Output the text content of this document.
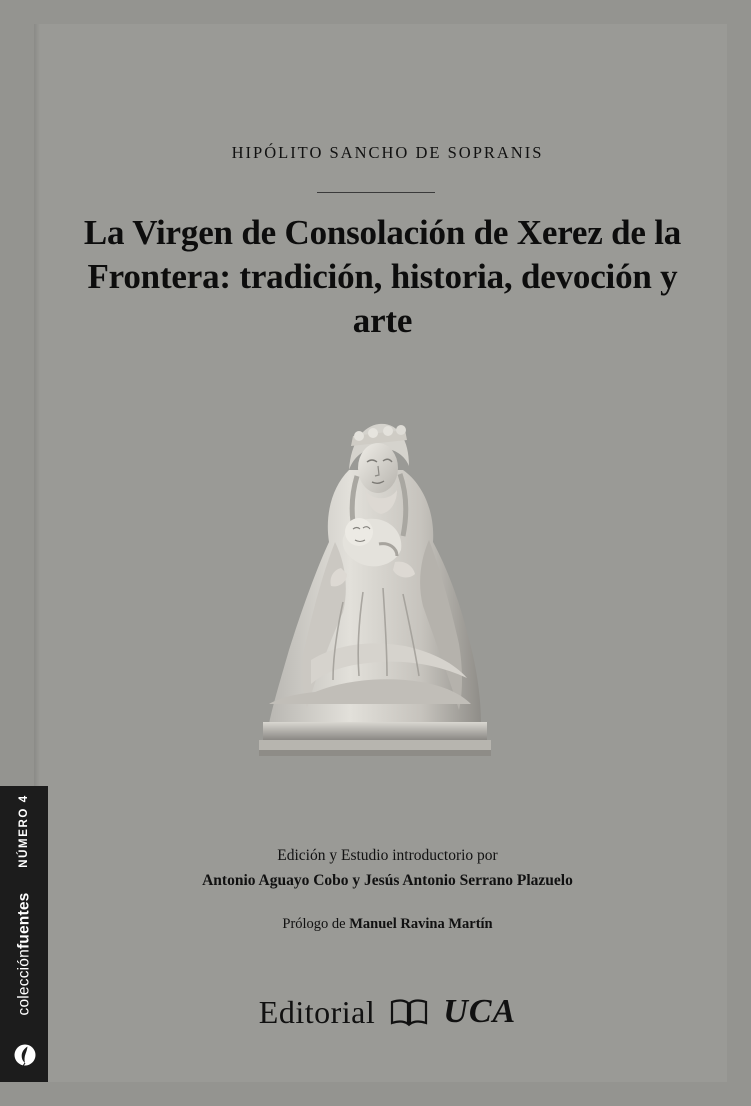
NÚMERO 4
colecciónfuentes
HIPÓLITO SANCHO DE SOPRANIS
La Virgen de Consolación de Xerez de la Frontera: tradición, historia, devoción y arte
Edición y Estudio introductorio por
Antonio Aguayo Cobo y Jesús Antonio Serrano Plazuelo
Prólogo de Manuel Ravina Martín
Editorial UCA
